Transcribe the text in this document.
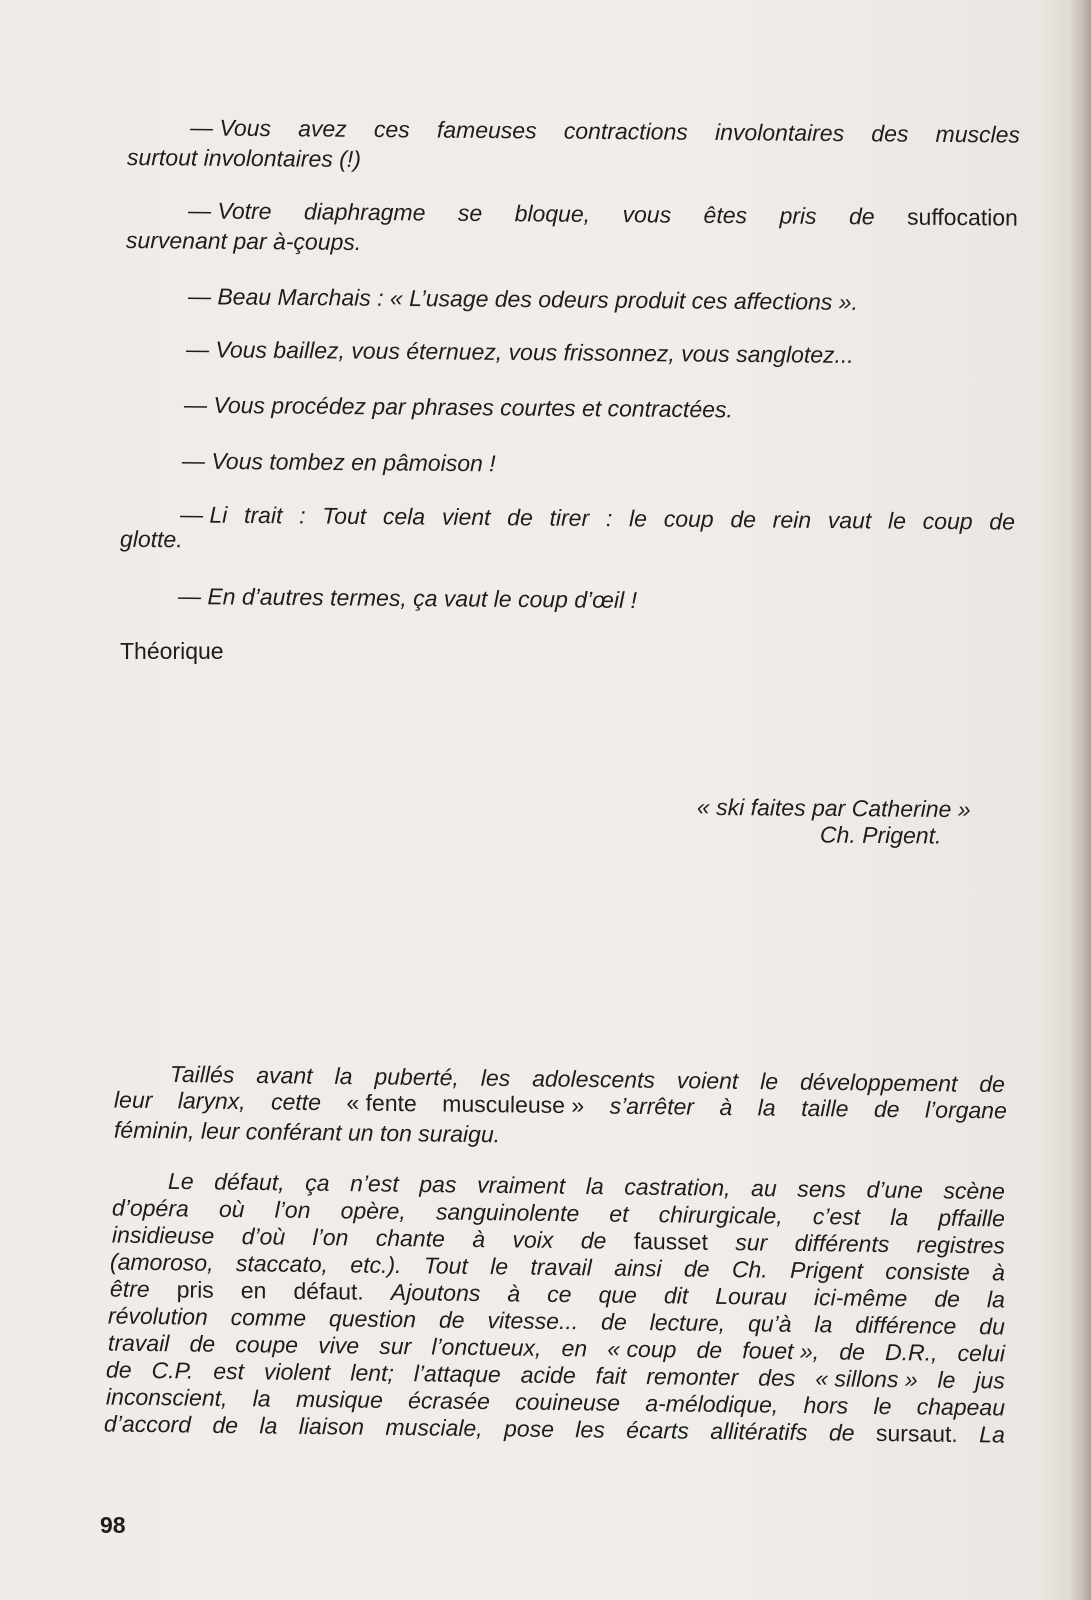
— Vous avez ces fameuses contractions involontaires des muscles

surtout involontaires (!)

— Votre diaphragme se bloque, vous êtes pris de suffocation

survenant par à-çoups.

— Beau Marchais : « L’usage des odeurs produit ces affections ».

— Vous baillez, vous éternuez, vous frissonnez, vous sanglotez...

— Vous procédez par phrases courtes et contractées.

— Vous tombez en pâmoison !

— Li trait : Tout cela vient de tirer : le coup de rein vaut le coup de

glotte.

— En d’autres termes, ça vaut le coup d’œil !

Théorique

« ski faites par Catherine »

Ch. Prigent.

Taillés avant la puberté, les adolescents voient le développement de

leur larynx, cette « fente musculeuse » s’arrêter à la taille de l’organe

féminin, leur conférant un ton suraigu.

Le défaut, ça n’est pas vraiment la castration, au sens d’une scène

d’opéra où l’on opère, sanguinolente et chirurgicale, c’est la pffaille

insidieuse d’où l’on chante à voix de fausset sur différents registres

(amoroso, staccato, etc.). Tout le travail ainsi de Ch. Prigent consiste à

être pris en défaut. Ajoutons à ce que dit Lourau ici-même de la

révolution comme question de vitesse... de lecture, qu’à la différence du

travail de coupe vive sur l’onctueux, en « coup de fouet », de D.R., celui

de C.P. est violent lent; l’attaque acide fait remonter des « sillons » le jus

inconscient, la musique écrasée couineuse a-mélodique, hors le chapeau

d’accord de la liaison musciale, pose les écarts allitératifs de sursaut. La

98
